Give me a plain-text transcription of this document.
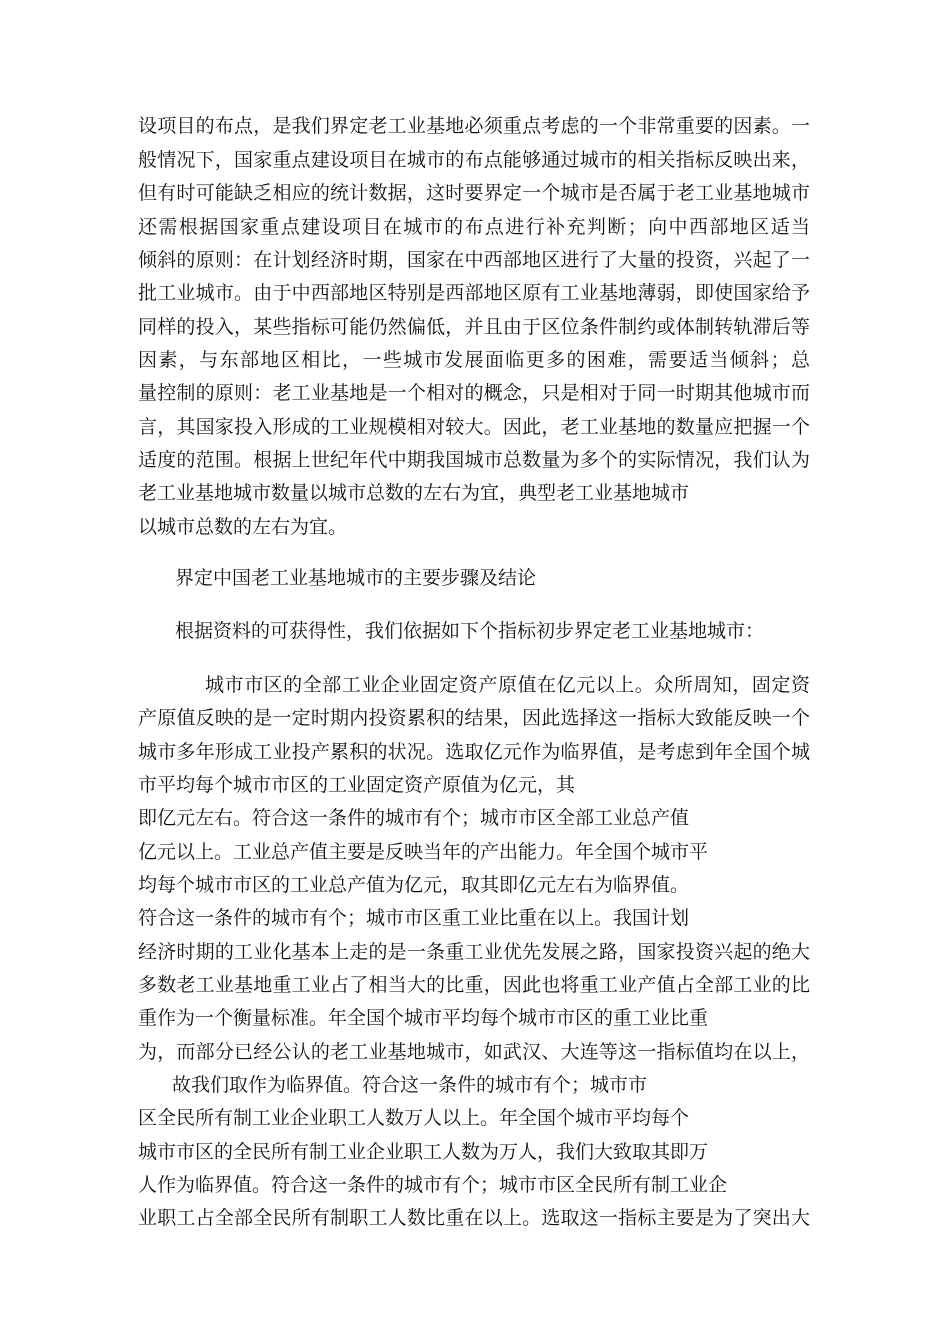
设项目的布点，是我们界定老工业基地必须重点考虑的一个非常重要的因素。一

般情况下，国家重点建设项目在城市的布点能够通过城市的相关指标反映出来，

但有时可能缺乏相应的统计数据，这时要界定一个城市是否属于老工业基地城市

还需根据国家重点建设项目在城市的布点进行补充判断；向中西部地区适当

倾斜的原则：在计划经济时期，国家在中西部地区进行了大量的投资，兴起了一

批工业城市。由于中西部地区特别是西部地区原有工业基地薄弱，即使国家给予

同样的投入，某些指标可能仍然偏低，并且由于区位条件制约或体制转轨滞后等

因素，与东部地区相比，一些城市发展面临更多的困难，需要适当倾斜；总

量控制的原则：老工业基地是一个相对的概念，只是相对于同一时期其他城市而

言，其国家投入形成的工业规模相对较大。因此，老工业基地的数量应把握一个

适度的范围。根据上世纪年代中期我国城市总数量为多个的实际情况，我们认为

老工业基地城市数量以城市总数的左右为宜，典型老工业基地城市

以城市总数的左右为宜。

界定中国老工业基地城市的主要步骤及结论

根据资料的可获得性，我们依据如下个指标初步界定老工业基地城市：

城市市区的全部工业企业固定资产原值在亿元以上。众所周知，固定资

产原值反映的是一定时期内投资累积的结果，因此选择这一指标大致能反映一个

城市多年形成工业投产累积的状况。选取亿元作为临界值，是考虑到年全国个城

市平均每个城市市区的工业固定资产原值为亿元，其

即亿元左右。符合这一条件的城市有个；城市市区全部工业总产值

亿元以上。工业总产值主要是反映当年的产出能力。年全国个城市平

均每个城市市区的工业总产值为亿元，取其即亿元左右为临界值。

符合这一条件的城市有个；城市市区重工业比重在以上。我国计划

经济时期的工业化基本上走的是一条重工业优先发展之路，国家投资兴起的绝大

多数老工业基地重工业占了相当大的比重，因此也将重工业产值占全部工业的比

重作为一个衡量标准。年全国个城市平均每个城市市区的重工业比重

为，而部分已经公认的老工业基地城市，如武汉、大连等这一指标值均在以上，

故我们取作为临界值。符合这一条件的城市有个；城市市

区全民所有制工业企业职工人数万人以上。年全国个城市平均每个

城市市区的全民所有制工业企业职工人数为万人，我们大致取其即万

人作为临界值。符合这一条件的城市有个；城市市区全民所有制工业企

业职工占全部全民所有制职工人数比重在以上。选取这一指标主要是为了突出大
